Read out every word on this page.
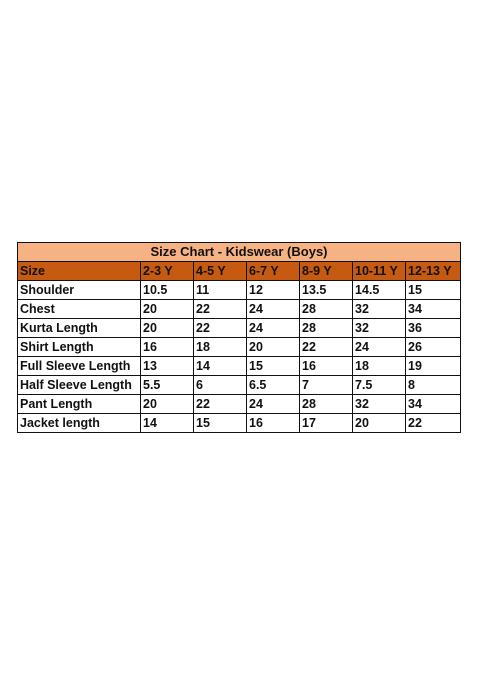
Size Chart - Kidswear (Boys)						
Size	2-3 Y	4-5 Y	6-7 Y	8-9 Y	10-11 Y	12-13 Y
Shoulder	10.5	11	12	13.5	14.5	15
Chest	20	22	24	28	32	34
Kurta Length	20	22	24	28	32	36
Shirt Length	16	18	20	22	24	26
Full Sleeve Length	13	14	15	16	18	19
Half Sleeve Length	5.5	6	6.5	7	7.5	8
Pant Length	20	22	24	28	32	34
Jacket length	14	15	16	17	20	22
